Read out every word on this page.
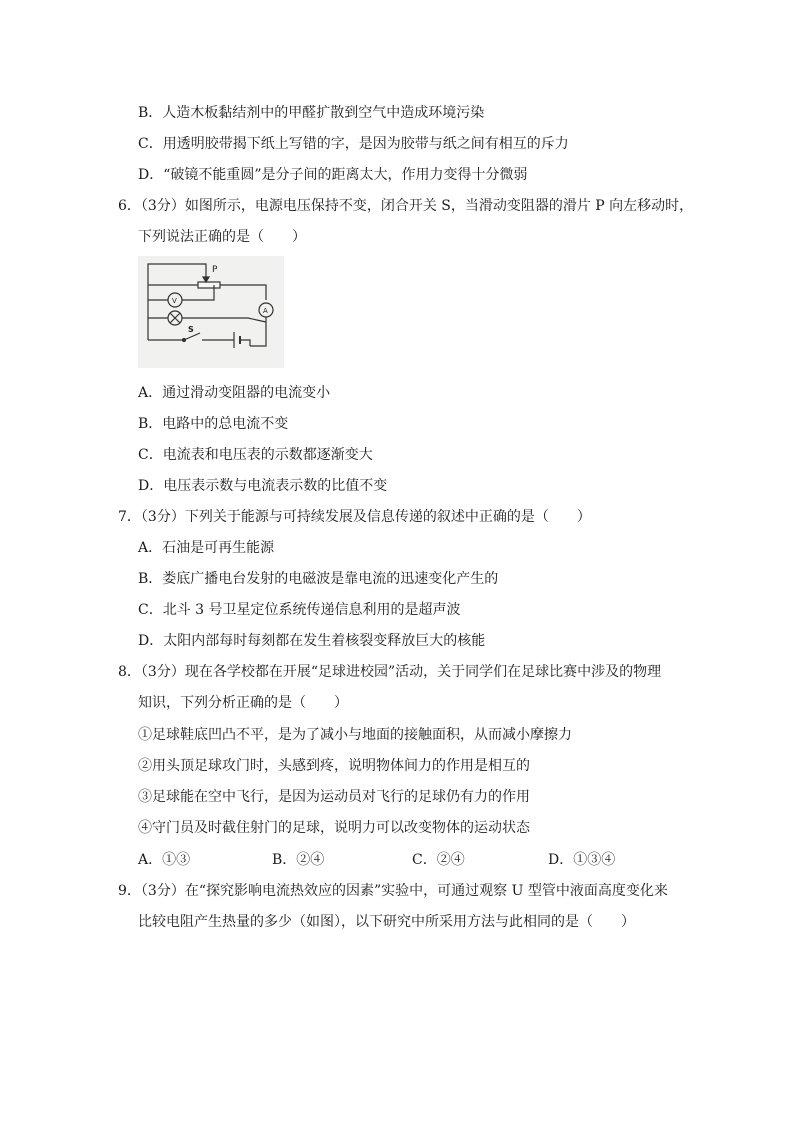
B．人造木板黏结剂中的甲醛扩散到空气中造成环境污染
C．用透明胶带揭下纸上写错的字，是因为胶带与纸之间有相互的斥力
D．“破镜不能重圆”是分子间的距离太大，作用力变得十分微弱
6．（3分）如图所示，电源电压保持不变，闭合开关 S，当滑动变阻器的滑片 P 向左移动时，
下列说法正确的是（　　）
P
S
V
A
A．通过滑动变阻器的电流变小
B．电路中的总电流不变
C．电流表和电压表的示数都逐渐变大
D．电压表示数与电流表示数的比值不变
7．（3分）下列关于能源与可持续发展及信息传递的叙述中正确的是（　　）
A．石油是可再生能源
B．娄底广播电台发射的电磁波是靠电流的迅速变化产生的
C．北斗 3 号卫星定位系统传递信息利用的是超声波
D．太阳内部每时每刻都在发生着核裂变释放巨大的核能
8．（3分）现在各学校都在开展“足球进校园”活动，关于同学们在足球比赛中涉及的物理
知识，下列分析正确的是（　　）
①足球鞋底凹凸不平，是为了减小与地面的接触面积，从而减小摩擦力
②用头顶足球攻门时，头感到疼，说明物体间力的作用是相互的
③足球能在空中飞行，是因为运动员对飞行的足球仍有力的作用
④守门员及时截住射门的足球，说明力可以改变物体的运动状态
A．①③	B．②④	C．②④	D．①③④
9．（3分）在“探究影响电流热效应的因素”实验中，可通过观察 U 型管中液面高度变化来
比较电阻产生热量的多少（如图），以下研究中所采用方法与此相同的是（　　）
